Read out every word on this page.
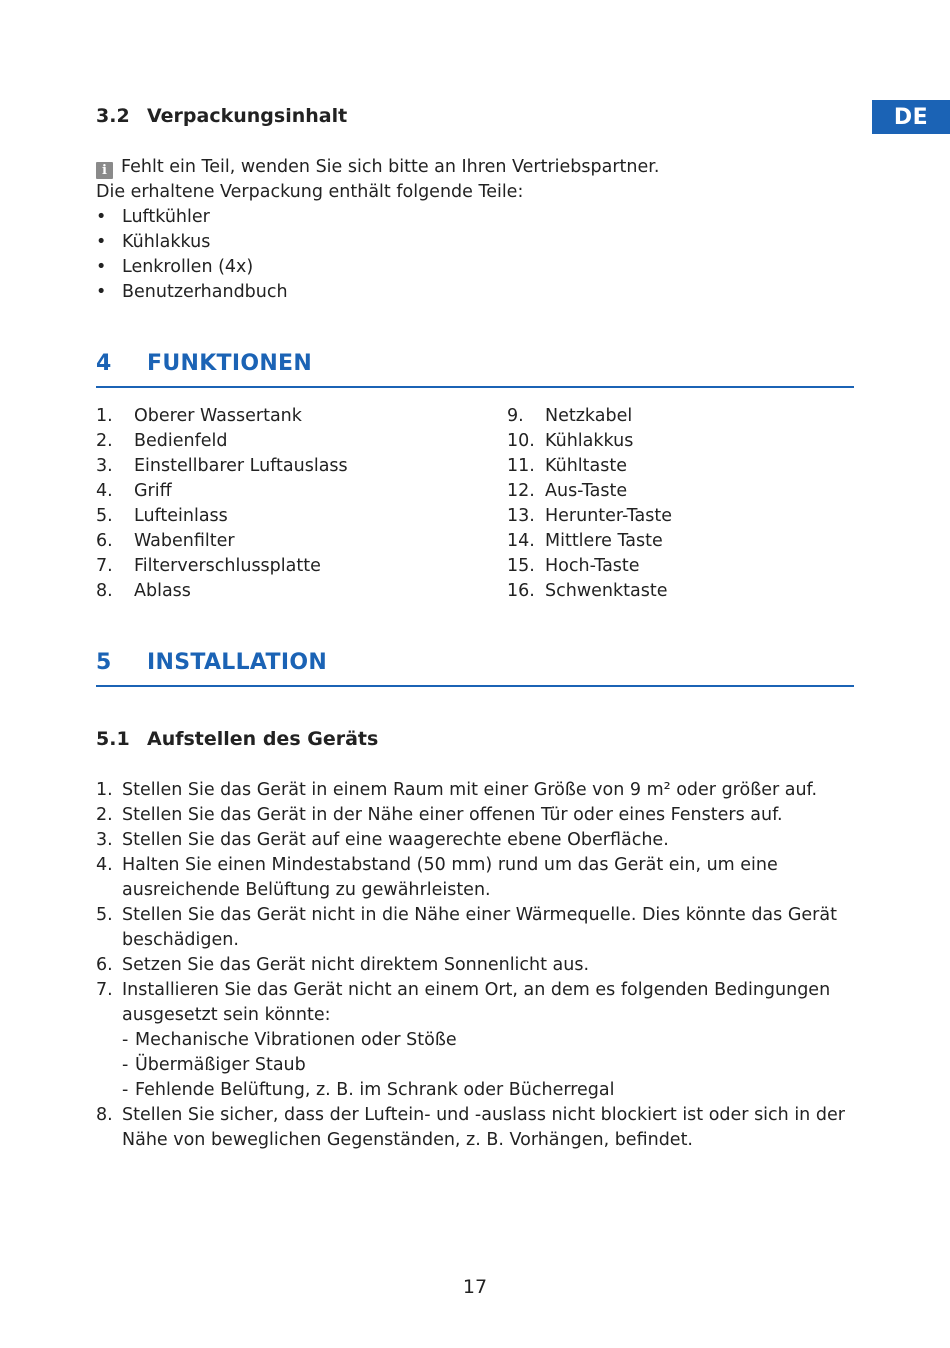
DE
3.2 Verpackungsinhalt
i Fehlt ein Teil, wenden Sie sich bitte an Ihren Vertriebspartner.
Die erhaltene Verpackung enthält folgende Teile:
• Luftkühler
• Kühlakkus
• Lenkrollen (4x)
• Benutzerhandbuch
4 FUNKTIONEN
1. Oberer Wassertank
2. Bedienfeld
3. Einstellbarer Luftauslass
4. Griff
5. Lufteinlass
6. Wabenfilter
7. Filterverschlussplatte
8. Ablass
9. Netzkabel
10. Kühlakkus
11. Kühltaste
12. Aus-Taste
13. Herunter-Taste
14. Mittlere Taste
15. Hoch-Taste
16. Schwenktaste
5 INSTALLATION
5.1 Aufstellen des Geräts
1. Stellen Sie das Gerät in einem Raum mit einer Größe von 9 m² oder größer auf.
2. Stellen Sie das Gerät in der Nähe einer offenen Tür oder eines Fensters auf.
3. Stellen Sie das Gerät auf eine waagerechte ebene Oberfläche.
4. Halten Sie einen Mindestabstand (50 mm) rund um das Gerät ein, um eine ausreichende Belüftung zu gewährleisten.
5. Stellen Sie das Gerät nicht in die Nähe einer Wärmequelle. Dies könnte das Gerät beschädigen.
6. Setzen Sie das Gerät nicht direktem Sonnenlicht aus.
7. Installieren Sie das Gerät nicht an einem Ort, an dem es folgenden Bedingungen ausgesetzt sein könnte:
- Mechanische Vibrationen oder Stöße
- Übermäßiger Staub
- Fehlende Belüftung, z. B. im Schrank oder Bücherregal
8. Stellen Sie sicher, dass der Luftein- und -auslass nicht blockiert ist oder sich in der Nähe von beweglichen Gegenständen, z. B. Vorhängen, befindet.
17
